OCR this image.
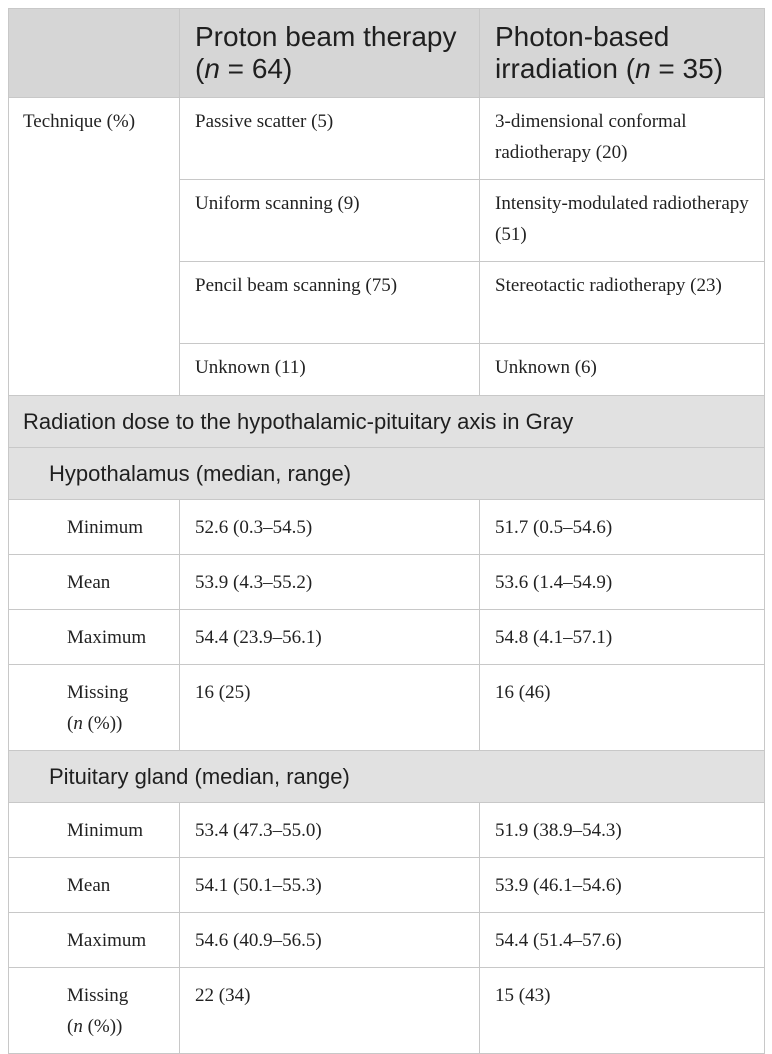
	Proton beam therapy (n = 64)	Photon-based irradiation (n = 35)
Technique (%)	Passive scatter (5)	3-dimensional conformal radiotherapy (20)
	Uniform scanning (9)	Intensity-modulated radiotherapy (51)
	Pencil beam scanning (75)	Stereotactic radiotherapy (23)
	Unknown (11)	Unknown (6)
Radiation dose to the hypothalamic-pituitary axis in Gray		
Hypothalamus (median, range)		
Minimum	52.6 (0.3–54.5)	51.7 (0.5–54.6)
Mean	53.9 (4.3–55.2)	53.6 (1.4–54.9)
Maximum	54.4 (23.9–56.1)	54.8 (4.1–57.1)
Missing
(n (%))	16 (25)	16 (46)
Pituitary gland (median, range)		
Minimum	53.4 (47.3–55.0)	51.9 (38.9–54.3)
Mean	54.1 (50.1–55.3)	53.9 (46.1–54.6)
Maximum	54.6 (40.9–56.5)	54.4 (51.4–57.6)
Missing
(n (%))	22 (34)	15 (43)
